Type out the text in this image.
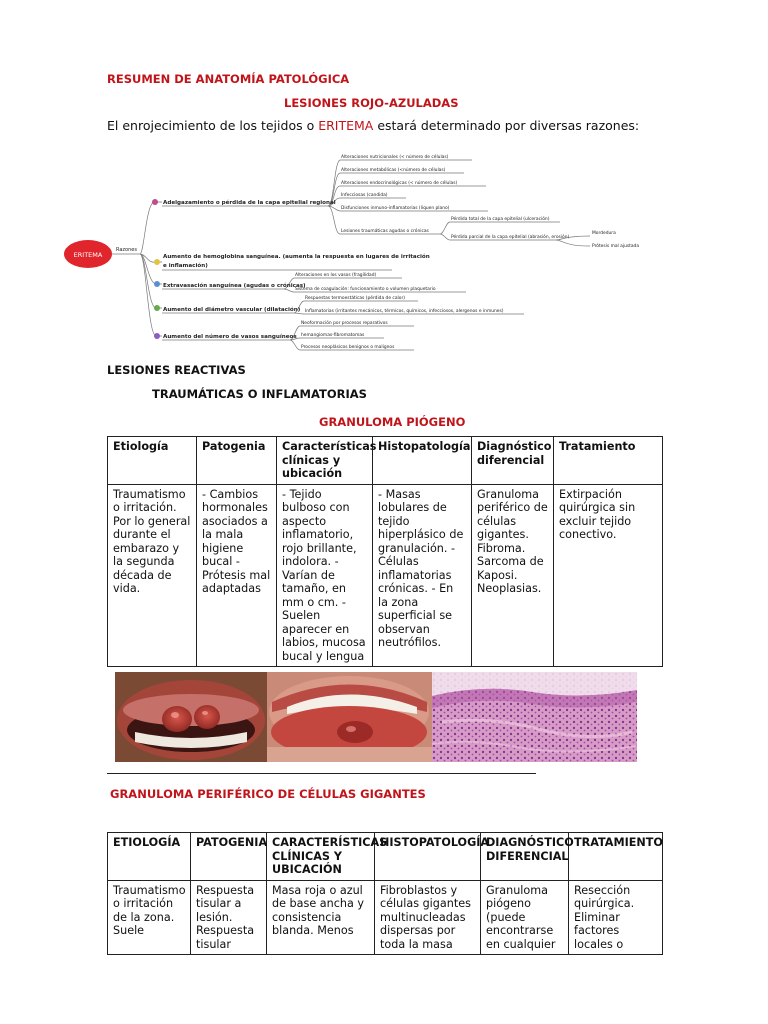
RESUMEN DE ANATOMÍA PATOLÓGICA
LESIONES ROJO-AZULADAS
El enrojecimiento de los tejidos o ERITEMA estará determinado por diversas razones:
ERITEMA
Razones
Adelgazamiento o pérdida de la capa epitelial regional
Aumento de hemoglobina sanguínea. (aumenta la respuesta en lugares de irritación
e inflamación)
Extravasación sanguínea (agudas o crónicas)
Aumento del diámetro vascular (dilatación)
Aumento del número de vasos sanguíneos
Alteraciones nutricionales (< número de células)
Alteraciones metabólicas (<número de células)
Alteraciones endocrinológicas (< número de células)
Infecciosas (candida)
Disfunciones inmuno-inflamatorias (liquen plano)
Lesiones traumáticas agudas o crónicas
Pérdida total de la capa epitelial (ulceración)
Pérdida parcial de la capa epitelial (abrasión, erosión)
Mordedura
Prótesis mal ajustada
Alteraciones en los vasos (fragilidad)
Sistema de coagulación: funcionamiento o volumen plaquetario
Respuestas termoestáticas (pérdida de calor)
Inflamatorias (irritantes mecánicos, térmicos, químicos, infecciosos, alergenos e inmunes)
Neoformación por procesos reparativos
hemangiomas-fibromatomas
Procesos neoplásicos benignos o malignos
LESIONES REACTIVAS
TRAUMÁTICAS O INFLAMATORIAS
GRANULOMA PIÓGENO
Etiología	Patogenia	Características clínicas y ubicación	Histopatología	Diagnóstico diferencial	Tratamiento
Traumatismo o irritación. Por lo general durante el embarazo y la segunda década de vida.	- Cambios hormonales asociados a la mala higiene bucal -Prótesis mal adaptadas	- Tejido bulboso con aspecto inflamatorio, rojo brillante, indolora. -Varían de tamaño, en mm o cm. - Suelen aparecer en labios, mucosa bucal y lengua	- Masas lobulares de tejido hiperplásico de granulación. - Células inflamatorias crónicas. - En la zona superficial se observan neutrófilos.	Granuloma periférico de células gigantes. Fibroma. Sarcoma de Kaposi. Neoplasias.	Extirpación quirúrgica sin excluir tejido conectivo.
GRANULOMA PERIFÉRICO DE CÉLULAS GIGANTES
ETIOLOGÍA	PATOGENIA	CARACTERÍSTICAS CLÍNICAS Y UBICACIÓN	HISTOPATOLOGÍA	DIAGNÓSTICO DIFERENCIAL	TRATAMIENTO
Traumatismo o irritación de la zona. Suele	Respuesta tisular a lesión. Respuesta tisular	Masa roja o azul de base ancha y consistencia blanda. Menos	Fibroblastos y células gigantes multinucleadas dispersas por toda la masa	Granuloma piógeno (puede encontrarse en cualquier	Resección quirúrgica. Eliminar factores locales o
